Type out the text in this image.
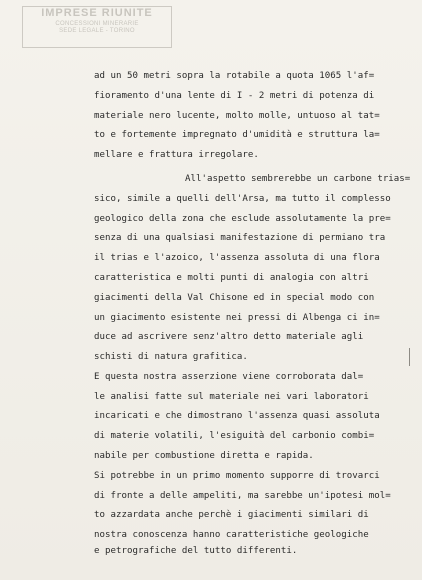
IMPRESE RIUNITE
CONCESSIONI MINERARIE
SEDE LEGALE - TORINO

ad un 50 metri sopra la rotabile a quota 1065 l'af=

fioramento d'una lente di I - 2 metri di potenza di

materiale nero lucente, molto molle, untuoso al tat=

to e fortemente impregnato d'umidità e struttura la=

mellare e frattura irregolare.

All'aspetto sembrerebbe un carbone trias=

sico, simile a quelli dell'Arsa, ma tutto il complesso

geologico della zona che esclude assolutamente la pre=

senza di una qualsiasi manifestazione di permiano tra

il trias e l'azoico, l'assenza assoluta di una flora

caratteristica e molti punti di analogia con altri

giacimenti della Val Chisone ed in special modo con

un giacimento esistente nei pressi di Albenga ci in=

duce ad ascrivere senz'altro detto materiale agli

schisti di natura grafitica.

E questa nostra asserzione viene corroborata dal=

le analisi fatte sul materiale nei vari laboratori

incaricati e che dimostrano l'assenza quasi assoluta

di materie volatili, l'esiguità del carbonio combi=

nabile per combustione diretta e rapida.

Si potrebbe in un primo momento supporre di trovarci

di fronte a delle ampeliti, ma sarebbe un'ipotesi mol=

to azzardata anche perchè i giacimenti similari di

nostra conoscenza hanno caratteristiche geologiche

e petrografiche del tutto differenti.
